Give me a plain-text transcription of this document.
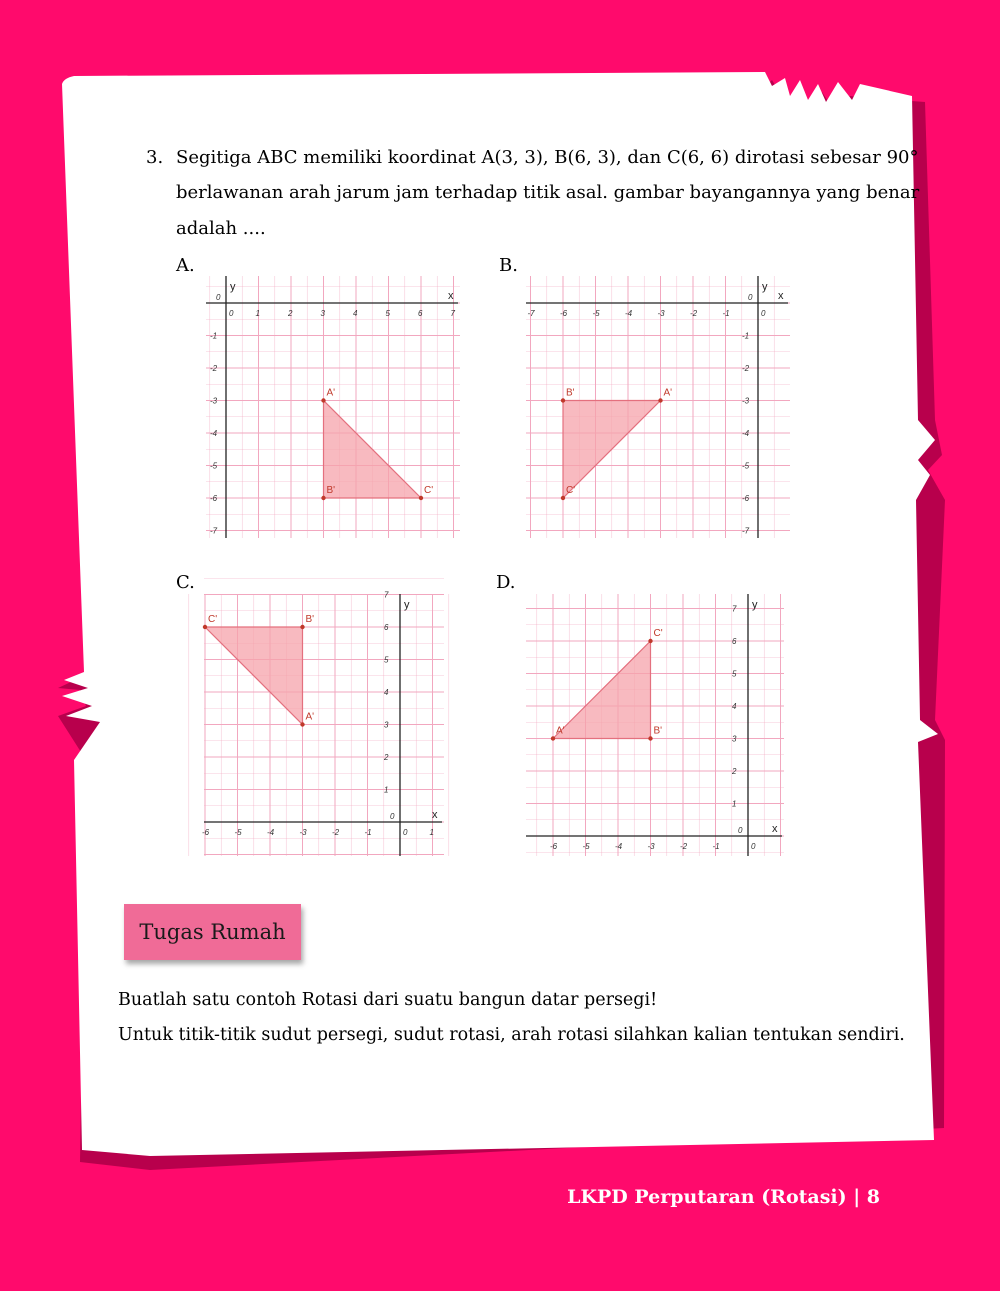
3. Segitiga ABC memiliki koordinat A(3, 3), B(6, 3), dan C(6, 6) dirotasi sebesar 90°
berlawanan arah jarum jam terhadap titik asal. gambar bayangannya yang benar
adalah ....
A.	B.
C.	D.
x
y
0	1	2	3	4	5	6	7
-1
-2
-3
-4
-5
-6
-7
0
A'
B'	C'
x
y
-7	-6	-5	-4	-3	-2	-1	0
-1
-2
-3
-4
-5
-6
-7
0
A'
B'
C'
x
y
-6	-5	-4	-3	-2	-1	0	1
1
2
3
4
5
6
7
0
A'
B'
C'
x
y
-6	-5	-4	-3	-2	-1	0
1
2
3
4
5
6
7
0
A'	B'
C'
Tugas Rumah
Buatlah satu contoh Rotasi dari suatu bangun datar persegi!
Untuk titik-titik sudut persegi, sudut rotasi, arah rotasi silahkan kalian tentukan sendiri.
LKPD Perputaran (Rotasi) | 8
